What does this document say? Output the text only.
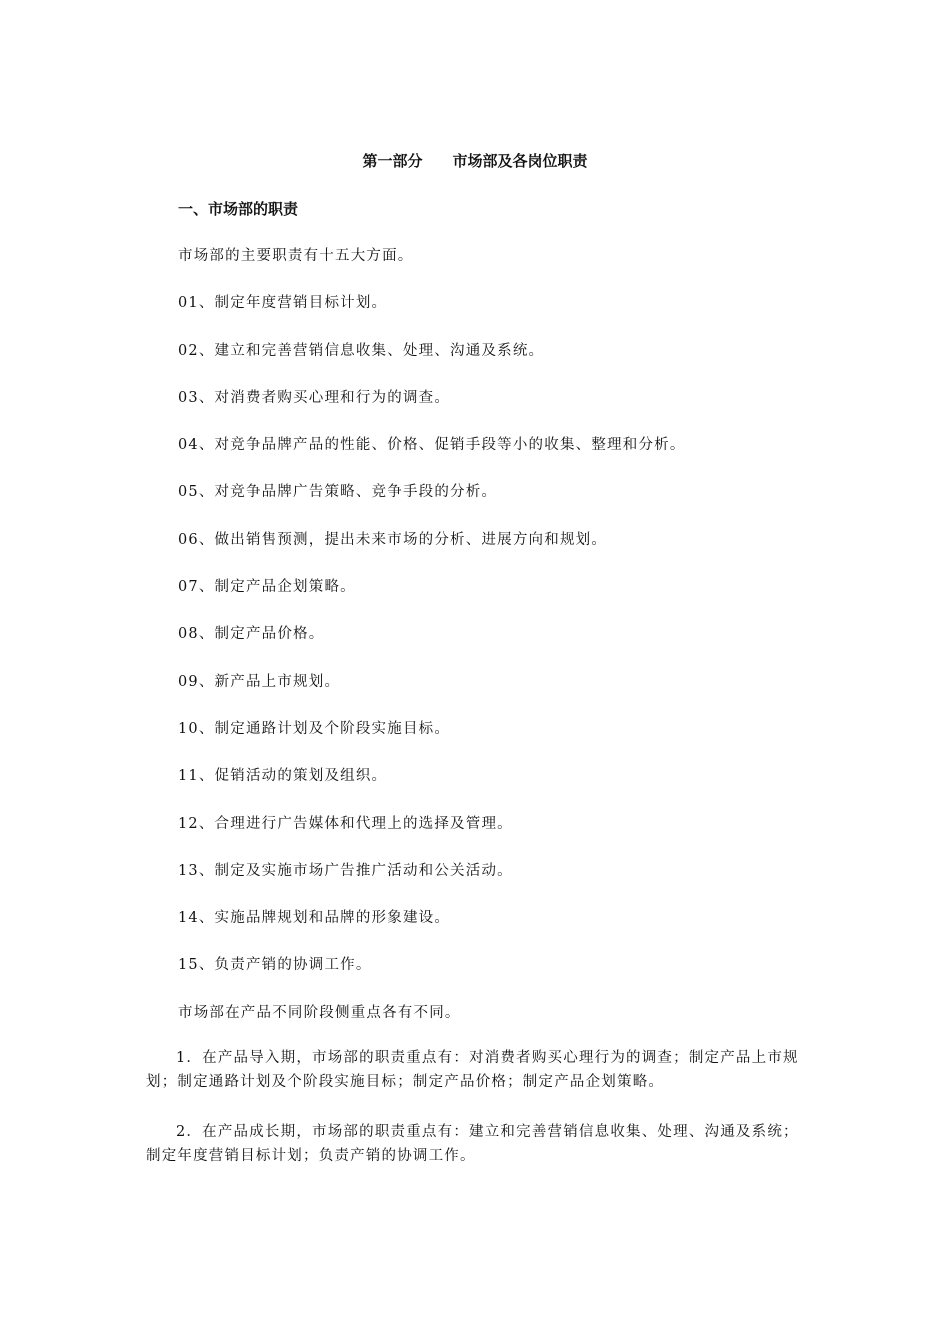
第一部分　　市场部及各岗位职责
一、市场部的职责
市场部的主要职责有十五大方面。
01、制定年度营销目标计划。
02、建立和完善营销信息收集、处理、沟通及系统。
03、对消费者购买心理和行为的调查。
04、对竞争品牌产品的性能、价格、促销手段等小的收集、整理和分析。
05、对竞争品牌广告策略、竞争手段的分析。
06、做出销售预测，提出未来市场的分析、进展方向和规划。
07、制定产品企划策略。
08、制定产品价格。
09、新产品上市规划。
10、制定通路计划及个阶段实施目标。
11、促销活动的策划及组织。
12、合理进行广告媒体和代理上的选择及管理。
13、制定及实施市场广告推广活动和公关活动。
14、实施品牌规划和品牌的形象建设。
15、负责产销的协调工作。
市场部在产品不同阶段侧重点各有不同。
1．在产品导入期，市场部的职责重点有：对消费者购买心理行为的调查；制定产品上市规划；制定通路计划及个阶段实施目标；制定产品价格；制定产品企划策略。
2．在产品成长期，市场部的职责重点有：建立和完善营销信息收集、处理、沟通及系统；制定年度营销目标计划；负责产销的协调工作。
